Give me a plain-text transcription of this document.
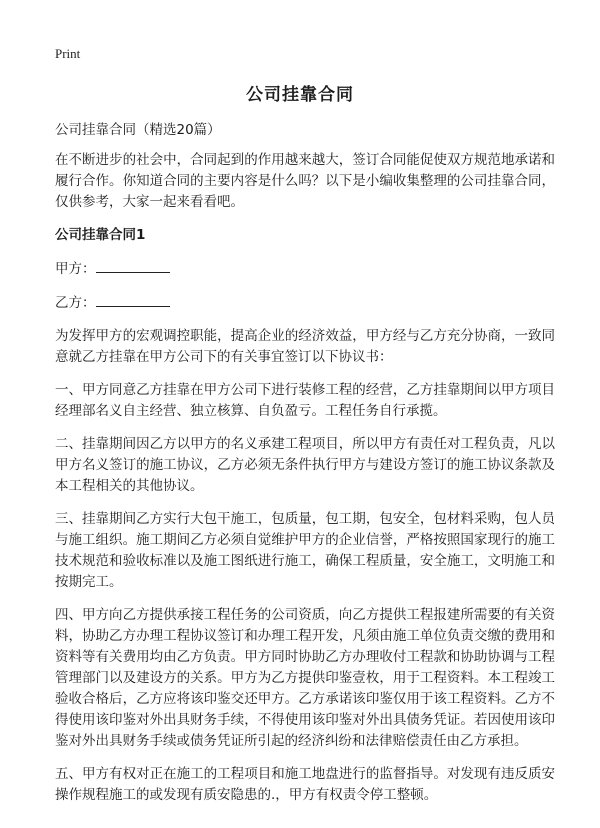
Print
公司挂靠合同

公司挂靠合同（精选20篇）

在不断进步的社会中，合同起到的作用越来越大，签订合同能促使双方规范地承诺和履行合作。你知道合同的主要内容是什么吗？以下是小编收集整理的公司挂靠合同，仅供参考，大家一起来看看吧。

公司挂靠合同1

甲方：
乙方：

为发挥甲方的宏观调控职能，提高企业的经济效益，甲方经与乙方充分协商，一致同意就乙方挂靠在甲方公司下的有关事宜签订以下协议书：

一、甲方同意乙方挂靠在甲方公司下进行装修工程的经营，乙方挂靠期间以甲方项目经理部名义自主经营、独立核算、自负盈亏。工程任务自行承揽。

二、挂靠期间因乙方以甲方的名义承建工程项目，所以甲方有责任对工程负责，凡以甲方名义签订的施工协议，乙方必须无条件执行甲方与建设方签订的施工协议条款及本工程相关的其他协议。

三、挂靠期间乙方实行大包干施工，包质量，包工期，包安全，包材料采购，包人员与施工组织。施工期间乙方必须自觉维护甲方的企业信誉，严格按照国家现行的施工技术规范和验收标准以及施工图纸进行施工，确保工程质量，安全施工，文明施工和按期完工。

四、甲方向乙方提供承接工程任务的公司资质，向乙方提供工程报建所需要的有关资料，协助乙方办理工程协议签订和办理工程开发，凡须由施工单位负责交缴的费用和资料等有关费用均由乙方负责。甲方同时协助乙方办理收付工程款和协助协调与工程管理部门以及建设方的关系。甲方为乙方提供印鉴壹枚，用于工程资料。本工程竣工验收合格后，乙方应将该印鉴交还甲方。乙方承诺该印鉴仅用于该工程资料。乙方不得使用该印鉴对外出具财务手续，不得使用该印鉴对外出具债务凭证。若因使用该印鉴对外出具财务手续或债务凭证所引起的经济纠纷和法律赔偿责任由乙方承担。

五、甲方有权对正在施工的工程项目和施工地盘进行的监督指导。对发现有违反质安操作规程施工的或发现有质安隐患的.，甲方有权责令停工整顿。
